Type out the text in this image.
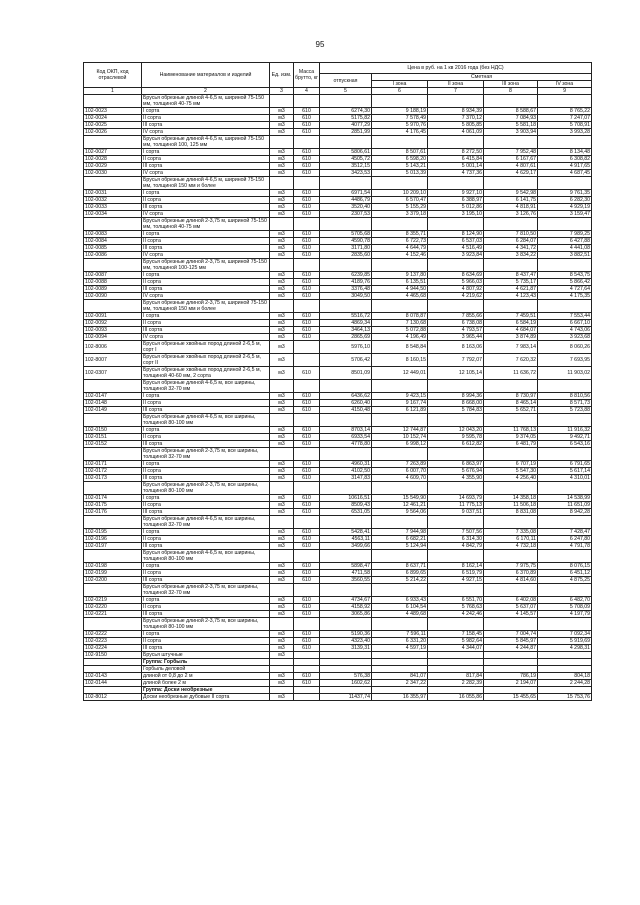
95
Код ОКП, код отраслевой	Наименование материалов и изделий	Ед. изм.	Масса брутто, кг	Цена в руб. на 1 кв 2016 года (без НДС)				
				отпускная	Сметная			
					I зона	II зона	III зона	IV зона
1	2	3	4	5	6	7	8	9
	Брусья обрезные длиной 4-6,5 м, шириной 75-150 мм, толщиной 40-75 мм							
102-0023	I сорта	м3	610	6274,30	9 188,19	8 934,39	8 588,67	8 765,22
102-0024	II сорта	м3	610	5175,82	7 578,49	7 370,12	7 084,93	7 247,07
102-0025	III сорта	м3	610	4077,29	5 970,76	5 805,85	5 581,18	5 708,91
102-0026	IV сорта	м3	610	2851,99	4 176,45	4 061,09	3 903,94	3 993,28
	Брусья обрезные длиной 4-6,5 м, шириной 75-150 мм, толщиной 100, 125 мм							
102-0027	I сорта	м3	610	5806,61	8 507,61	8 272,50	7 952,48	8 134,48
102-0028	II сорта	м3	610	4505,72	6 598,20	6 415,84	6 167,67	6 308,82
102-0029	III сорта	м3	610	3512,15	5 143,21	5 001,14	4 807,61	4 917,65
102-0030	IV сорта	м3	610	3423,53	5 013,39	4 737,36	4 629,17	4 687,45
	Брусья обрезные длиной 4-6,5 м, шириной 75-150 мм, толщиной 150 мм и более							
102-0031	I сорта	м3	610	6971,54	10 209,10	9 927,10	9 542,98	9 761,35
102-0032	II сорта	м3	610	4486,79	6 570,47	6 388,97	6 141,75	6 282,30
102-0033	III сорта	м3	610	3520,40	5 155,29	5 012,86	4 818,91	4 929,19
102-0034	IV сорта	м3	610	2307,53	3 379,18	3 195,10	3 126,76	3 159,47
	Брусья обрезные длиной 2-3,75 м, шириной 75-150 мм, толщиной 40-75 мм							
102-0083	I сорта	м3	610	5705,68	8 355,71	8 124,90	7 810,50	7 989,25
102-0084	II сорта	м3	610	4590,78	6 722,73	6 537,03	6 284,07	6 427,88
102-0085	III сорта	м3	610	3171,80	4 644,79	4 516,49	4 341,72	4 441,08
102-0086	IV сорта	м3	610	2835,60	4 152,46	3 923,84	3 834,22	3 882,51
	Брусья обрезные длиной 2-3,75 м, шириной 75-150 мм, толщиной 100-125 мм							
102-0087	I сорта	м3	610	6239,85	9 137,80	8 634,69	8 437,47	8 543,75
102-0088	II сорта	м3	610	4189,76	6 135,51	5 966,03	5 735,17	5 866,42
102-0089	III сорта	м3	610	3376,48	4 944,50	4 807,92	4 621,87	4 727,64
102-0090	IV сорта	м3	610	3049,50	4 465,68	4 219,62	4 123,43	4 175,35
	Брусья обрезные длиной 2-3,75 м, шириной 75-150 мм, толщиной 150 мм и более							
102-0091	I сорта	м3	610	5516,72	8 078,87	7 855,66	7 459,51	7 553,44
102-0092	II сорта	м3	610	4869,34	7 130,68	6 738,08	6 584,19	6 667,10
102-0093	III сорта	м3	610	3464,13	5 072,88	4 793,57	4 684,07	4 743,06
102-0094	IV сорта	м3	610	2865,69	4 196,49	3 965,44	3 874,89	3 923,68
102-8006	Брусья обрезные хвойных пород длиной 2-6,5 м, сорт I	м3		5976,10	8 548,84	8 163,06	7 983,14	8 060,26
102-8007	Брусья обрезные хвойных пород длиной 2-6,5 м, сорт II	м3		5706,42	8 160,15	7 792,07	7 620,32	7 693,95
102-0307	Брусья обрезные хвойных пород длиной 2-6,5 м, толщиной 40-60 мм, 2 сорта	м3	610	8501,09	12 449,01	12 105,14	11 636,72	11 903,02
	Брусья обрезные длиной 4-6,5 м, все ширины, толщиной 32-70 мм							
102-0147	I сорта	м3	610	6436,62	9 423,15	8 994,36	8 730,97	8 810,56
102-0148	II сорта	м3	610	6260,40	9 167,74	8 668,00	8 465,14	8 571,73
102-0149	III сорта	м3	610	4150,48	6 121,89	5 784,83	5 652,71	5 723,88
	Брусья обрезные длиной 4-6,5 м, все ширины, толщиной 80-100 мм							
102-0150	I сорта	м3	610	8703,14	12 744,87	12 043,20	11 768,13	11 916,32
102-0151	II сорта	м3	610	6933,54	10 152,74	9 595,78	9 374,05	9 492,71
102-0152	III сорта	м3	610	4778,80	6 998,12	6 612,82	6 481,79	6 543,16
	Брусья обрезные длиной 2-3,75 м, все ширины, толщиной 32-70 мм							
102-0171	I сорта	м3	610	4960,31	7 263,89	6 863,97	6 707,19	6 791,65
102-0172	II сорта	м3	610	4102,50	6 007,70	5 676,94	5 547,30	5 617,14
102-0173	III сорта	м3	610	3147,83	4 609,70	4 355,90	4 256,40	4 310,01
	Брусья обрезные длиной 2-3,75 м, все ширины, толщиной 80-100 мм							
102-0174	I сорта	м3	610	10616,51	15 549,90	14 693,79	14 358,18	14 538,99
102-0175	II сорта	м3	610	8509,43	12 461,21	11 775,13	11 506,18	11 651,09
102-0176	III сорта	м3	610	6531,05	9 564,06	9 037,51	8 831,08	8 942,28
	Брусья обрезные длиной 4-6,5 м, все ширины, толщиной 32-70 мм							
102-0195	I сорта	м3	610	5428,41	7 944,98	7 507,56	7 335,08	7 428,47
102-0196	II сорта	м3	610	4563,11	6 682,21	6 314,30	6 170,11	6 247,80
102-0197	III сорта	м3	610	3499,66	5 124,94	4 842,79	4 732,18	4 791,78
	Брусья обрезные длиной 4-6,5 м, все ширины, толщиной 80-100 мм							
102-0198	I сорта	м3	610	5898,47	8 637,71	8 162,14	7 975,75	8 076,15
102-0199	II сорта	м3	610	4711,58	6 899,65	6 519,79	6 370,89	6 451,12
102-0200	III сорта	м3	610	3560,55	5 214,22	4 927,15	4 814,60	4 875,25
	Брусья обрезные длиной 2-3,75 м, все ширины, толщиной 32-70 мм							
102-0219	I сорта	м3	610	4734,67	6 933,43	6 551,70	6 402,08	6 482,70
102-0220	II сорта	м3	610	4158,92	6 104,54	5 768,63	5 637,07	5 708,09
102-0221	III сорта	м3	610	3065,86	4 489,68	4 242,46	4 145,57	4 197,79
	Брусья обрезные длиной 2-3,75 м, все ширины, толщиной 80-100 мм							
102-0222	I сорта	м3	610	5190,36	7 596,11	7 158,45	7 004,74	7 092,34
102-0223	II сорта	м3	610	4323,40	6 331,20	5 982,64	5 845,97	5 919,69
102-0224	III сорта	м3	610	3139,31	4 597,19	4 344,07	4 244,87	4 298,31
102-9150	Брусья штучные	м3						
	Группа: Горбыль							
	Горбыль деловой							
102-0143	длиной от 0,8 до 2 м	м3	610	576,38	841,07	817,84	786,19	804,18
102-0144	длиной более 2 м	м3	610	1602,62	2 347,22	2 282,39	2 194,07	2 244,28
	Группа: Доски необрезные							
102-8012	Доски необрезные дубовые II сорта	м3		11437,74	16 355,97	16 055,86	15 455,65	15 753,76
